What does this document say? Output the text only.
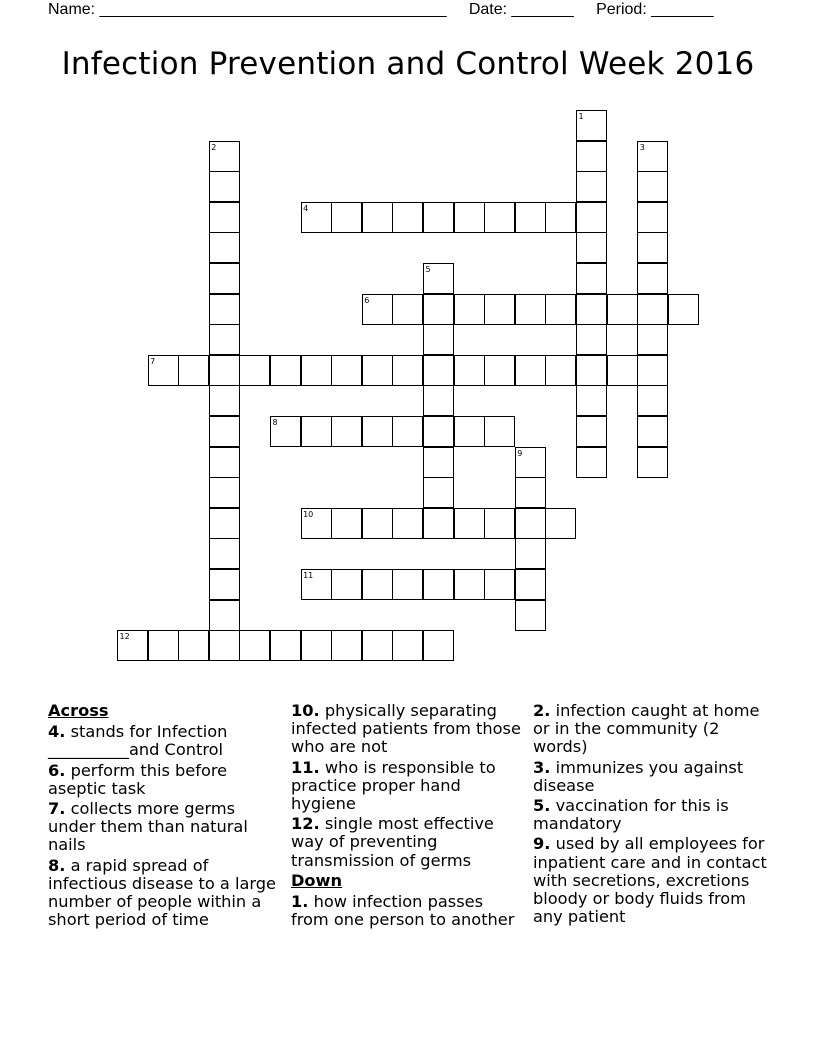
Name: _______________________________________ Date: _______ Period: _______
Infection Prevention and Control Week 2016
1
2	3
4
5
6
7
8
9
10
11
12
Across
4. stands for Infection __________and Control
6. perform this before aseptic task
7. collects more germs under them than natural nails
8. a rapid spread of infectious disease to a large number of people within a short period of time
10. physically separating infected patients from those who are not
11. who is responsible to practice proper hand hygiene
12. single most effective way of preventing transmission of germs
Down
1. how infection passes from one person to another
2. infection caught at home or in the community (2 words)
3. immunizes you against disease
5. vaccination for this is mandatory
9. used by all employees for inpatient care and in contact with secretions, excretions bloody or body fluids from any patient
